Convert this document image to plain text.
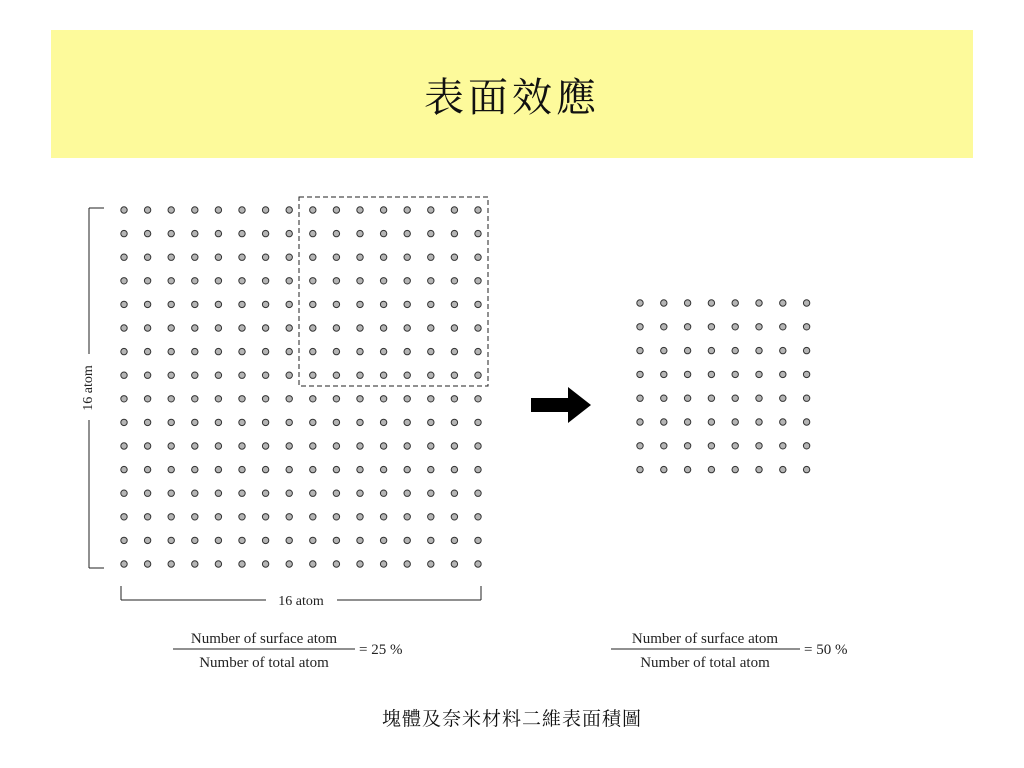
表面效應
16 atom
16 atom
Number of surface atom
Number of total atom
= 25 %
Number of surface atom
Number of total atom
= 50 %
塊體及奈米材料二維表面積圖
